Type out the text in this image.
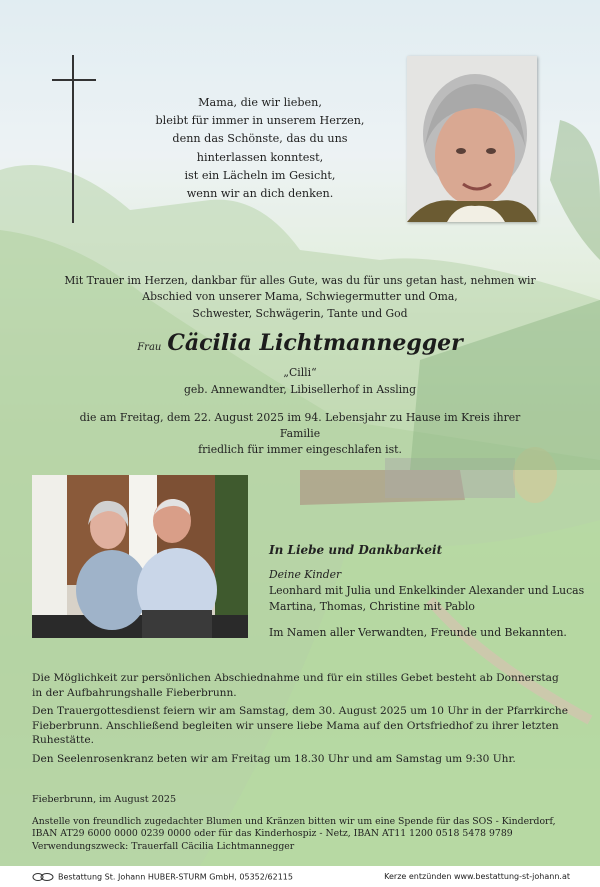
Mama, die wir lieben,
bleibt für immer in unserem Herzen,
denn das Schönste, das du uns
hinterlassen konntest,
ist ein Lächeln im Gesicht,
wenn wir an dich denken.
Mit Trauer im Herzen, dankbar für alles Gute, was du für uns getan hast, nehmen wir
Abschied von unserer Mama, Schwiegermutter und Oma,
Schwester, Schwägerin, Tante und God
Frau Cäcilia Lichtmannegger
„Cilli“
geb. Annewandter, Libisellerhof in Assling
die am Freitag, dem 22. August 2025 im 94. Lebensjahr zu Hause im Kreis ihrer Familie
friedlich für immer eingeschlafen ist.
In Liebe und Dankbarkeit
Deine Kinder
Leonhard mit Julia und Enkelkinder Alexander und Lucas
Martina, Thomas, Christine mit Pablo
Im Namen aller Verwandten, Freunde und Bekannten.

Die Möglichkeit zur persönlichen Abschiednahme und für ein stilles Gebet besteht ab Donnerstag in der Aufbahrungshalle Fieberbrunn.

Den Trauergottesdienst feiern wir am Samstag, dem 30. August 2025 um 10 Uhr in der Pfarrkirche Fieberbrunn. Anschließend begleiten wir unsere liebe Mama auf den Ortsfriedhof zu ihrer letzten Ruhestätte.

Den Seelenrosenkranz beten wir am Freitag um 18.30 Uhr und am Samstag um 9:30 Uhr.

Fieberbrunn, im August 2025
Anstelle von freundlich zugedachter Blumen und Kränzen bitten wir um eine Spende für das SOS - Kinderdorf,
IBAN AT29 6000 0000 0239 0000 oder für das Kinderhospiz - Netz, IBAN AT11 1200 0518 5478 9789
Verwendungszweck: Trauerfall Cäcilia Lichtmannegger
Bestattung St. Johann HUBER-STURM GmbH, 05352/62115	Kerze entzünden www.bestattung-st-johann.at
